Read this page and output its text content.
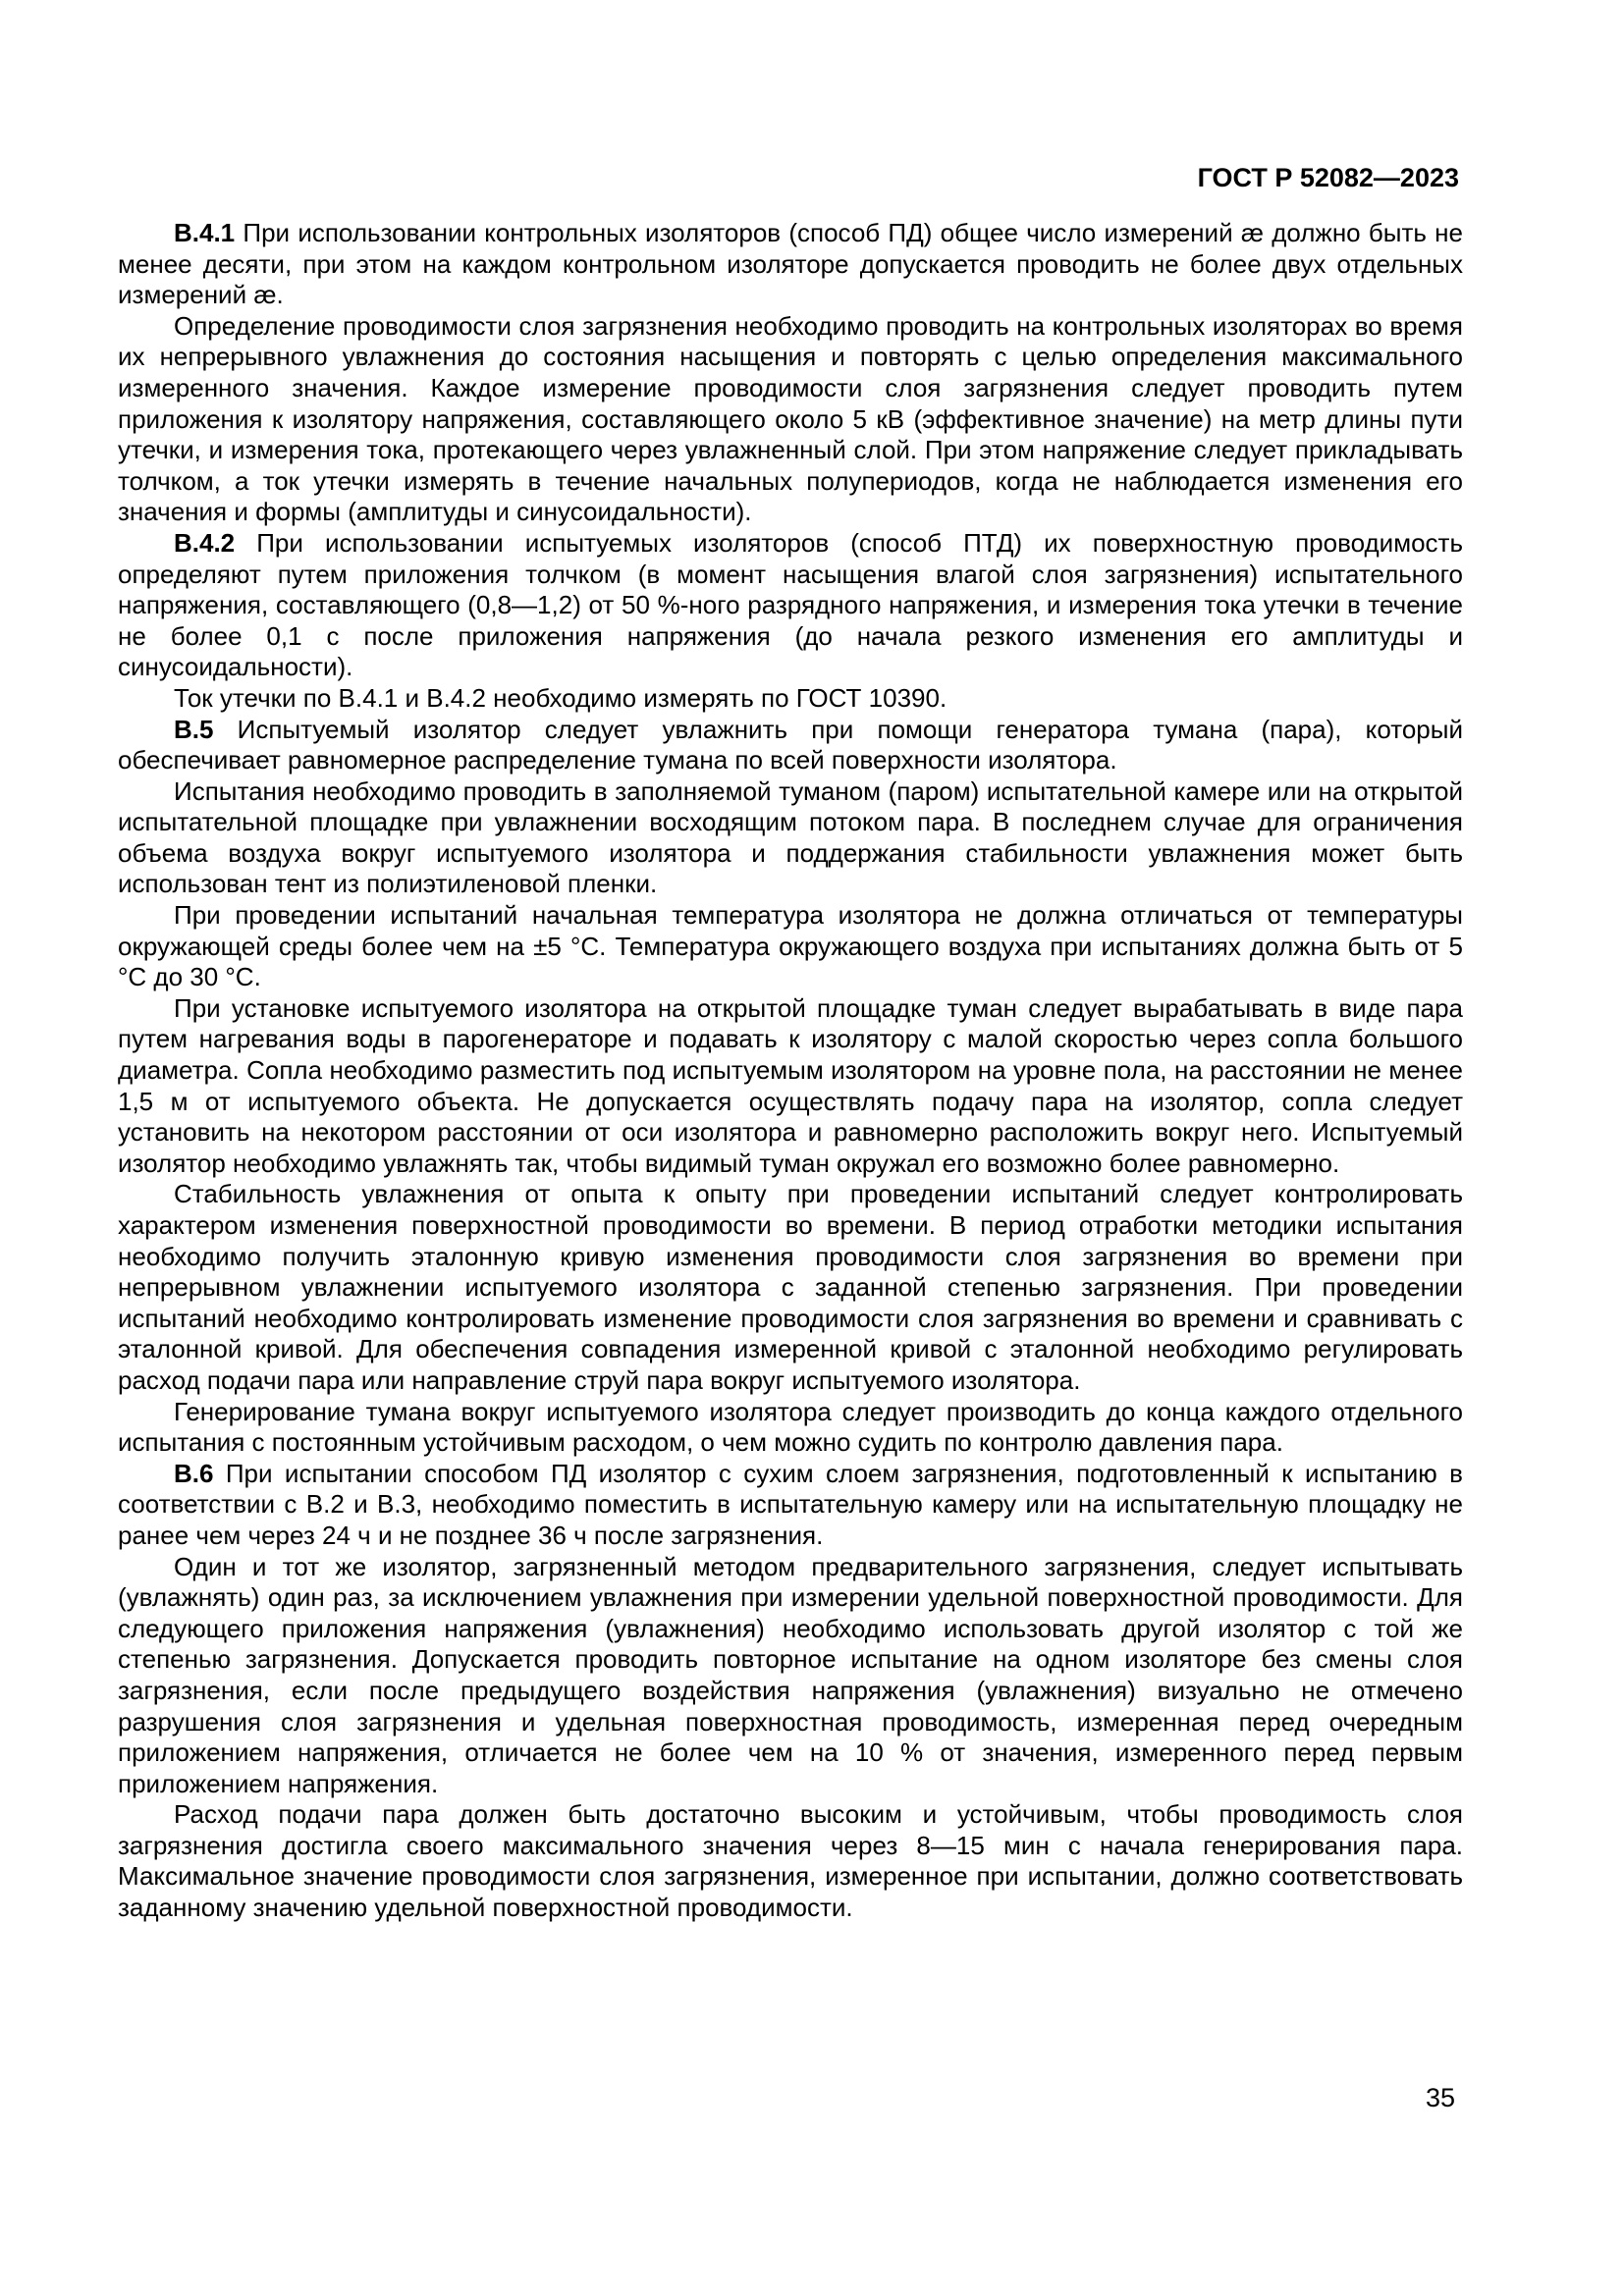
ГОСТ Р 52082—2023

В.4.1 При использовании контрольных изоляторов (способ ПД) общее число измерений æ должно быть не менее десяти, при этом на каждом контрольном изоляторе допускается проводить не более двух отдельных измерений æ.

Определение проводимости слоя загрязнения необходимо проводить на контрольных изоляторах во время их непрерывного увлажнения до состояния насыщения и повторять с целью определения максимального измеренного значения. Каждое измерение проводимости слоя загрязнения следует проводить путем приложения к изолятору напряжения, составляющего около 5 кВ (эффективное значение) на метр длины пути утечки, и измерения тока, протекающего через увлажненный слой. При этом напряжение следует прикладывать толчком, а ток утечки измерять в течение начальных полупериодов, когда не наблюдается изменения его значения и формы (амплитуды и синусоидальности).

В.4.2 При использовании испытуемых изоляторов (способ ПТД) их поверхностную проводимость определяют путем приложения толчком (в момент насыщения влагой слоя загрязнения) испытательного напряжения, составляющего (0,8—1,2) от 50 %-ного разрядного напряжения, и измерения тока утечки в течение не более 0,1 с после приложения напряжения (до начала резкого изменения его амплитуды и синусоидальности).

Ток утечки по В.4.1 и В.4.2 необходимо измерять по ГОСТ 10390.

В.5 Испытуемый изолятор следует увлажнить при помощи генератора тумана (пара), который обеспечивает равномерное распределение тумана по всей поверхности изолятора.

Испытания необходимо проводить в заполняемой туманом (паром) испытательной камере или на открытой испытательной площадке при увлажнении восходящим потоком пара. В последнем случае для ограничения объема воздуха вокруг испытуемого изолятора и поддержания стабильности увлажнения может быть использован тент из полиэтиленовой пленки.

При проведении испытаний начальная температура изолятора не должна отличаться от температуры окружающей среды более чем на ±5 °С. Температура окружающего воздуха при испытаниях должна быть от 5 °С до 30 °С.

При установке испытуемого изолятора на открытой площадке туман следует вырабатывать в виде пара путем нагревания воды в парогенераторе и подавать к изолятору с малой скоростью через сопла большого диаметра. Сопла необходимо разместить под испытуемым изолятором на уровне пола, на расстоянии не менее 1,5 м от испытуемого объекта. Не допускается осуществлять подачу пара на изолятор, сопла следует установить на некотором расстоянии от оси изолятора и равномерно расположить вокруг него. Испытуемый изолятор необходимо увлажнять так, чтобы видимый туман окружал его возможно более равномерно.

Стабильность увлажнения от опыта к опыту при проведении испытаний следует контролировать характером изменения поверхностной проводимости во времени. В период отработки методики испытания необходимо получить эталонную кривую изменения проводимости слоя загрязнения во времени при непрерывном увлажнении испытуемого изолятора с заданной степенью загрязнения. При проведении испытаний необходимо контролировать изменение проводимости слоя загрязнения во времени и сравнивать с эталонной кривой. Для обеспечения совпадения измеренной кривой с эталонной необходимо регулировать расход подачи пара или направление струй пара вокруг испытуемого изолятора.

Генерирование тумана вокруг испытуемого изолятора следует производить до конца каждого отдельного испытания с постоянным устойчивым расходом, о чем можно судить по контролю давления пара.

В.6 При испытании способом ПД изолятор с сухим слоем загрязнения, подготовленный к испытанию в соответствии с В.2 и В.3, необходимо поместить в испытательную камеру или на испытательную площадку не ранее чем через 24 ч и не позднее 36 ч после загрязнения.

Один и тот же изолятор, загрязненный методом предварительного загрязнения, следует испытывать (увлажнять) один раз, за исключением увлажнения при измерении удельной поверхностной проводимости. Для следующего приложения напряжения (увлажнения) необходимо использовать другой изолятор с той же степенью загрязнения. Допускается проводить повторное испытание на одном изоляторе без смены слоя загрязнения, если после предыдущего воздействия напряжения (увлажнения) визуально не отмечено разрушения слоя загрязнения и удельная поверхностная проводимость, измеренная перед очередным приложением напряжения, отличается не более чем на 10 % от значения, измеренного перед первым приложением напряжения.

Расход подачи пара должен быть достаточно высоким и устойчивым, чтобы проводимость слоя загрязнения достигла своего максимального значения через 8—15 мин с начала генерирования пара. Максимальное значение проводимости слоя загрязнения, измеренное при испытании, должно соответствовать заданному значению удельной поверхностной проводимости.

35
